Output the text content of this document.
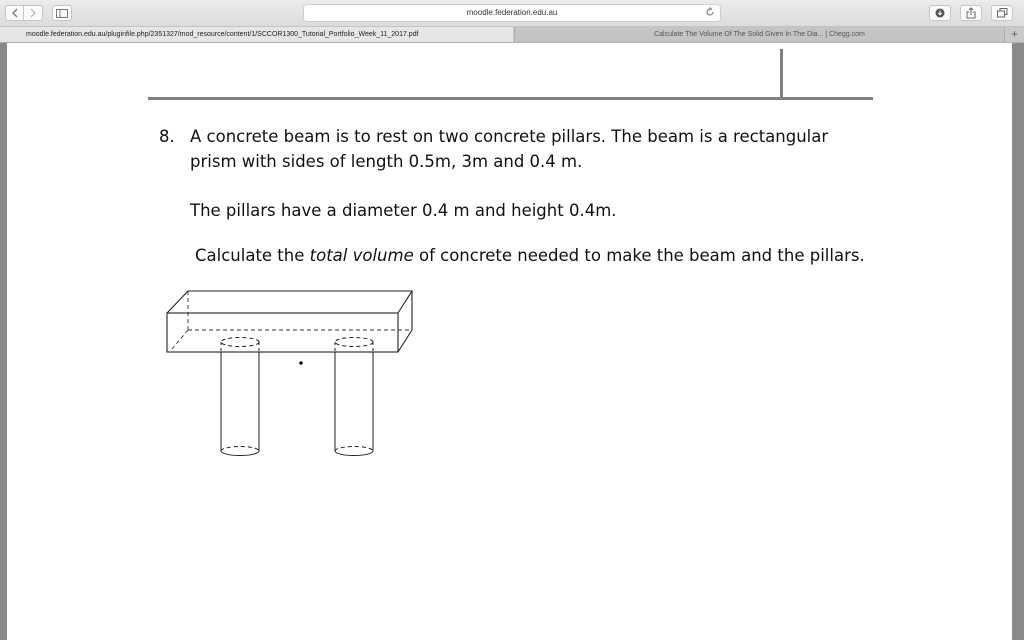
moodle.federation.edu.au
moodle.federation.edu.au/pluginfile.php/2351327/mod_resource/content/1/SCCOR1300_Tutorial_Portfolio_Week_11_2017.pdf	Calculate The Volume Of The Solid Given In The Dia... | Chegg.com	+
8. A concrete beam is to rest on two concrete pillars. The beam is a rectangular
prism with sides of length 0.5m, 3m and 0.4 m.
The pillars have a diameter 0.4 m and height 0.4m.
Calculate the total volume of concrete needed to make the beam and the pillars.
